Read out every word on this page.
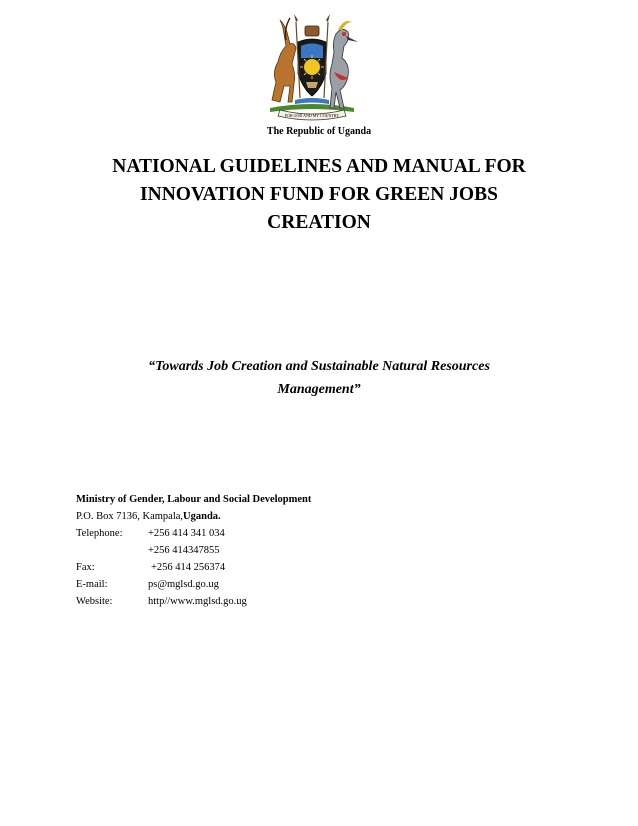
FOR GOD AND MY COUNTRY
The Republic of Uganda
NATIONAL GUIDELINES AND MANUAL FOR
INNOVATION FUND FOR GREEN JOBS
CREATION
“Towards Job Creation and Sustainable Natural Resources
Management”
Ministry of Gender, Labour and Social Development
P.O. Box 7136, Kampala, Uganda.
Telephone:	+256 414 341 034
+256 414347855
Fax:	+256 414 256374
E-mail:	ps@mglsd.go.ug
Website:	http//www.mglsd.go.ug
